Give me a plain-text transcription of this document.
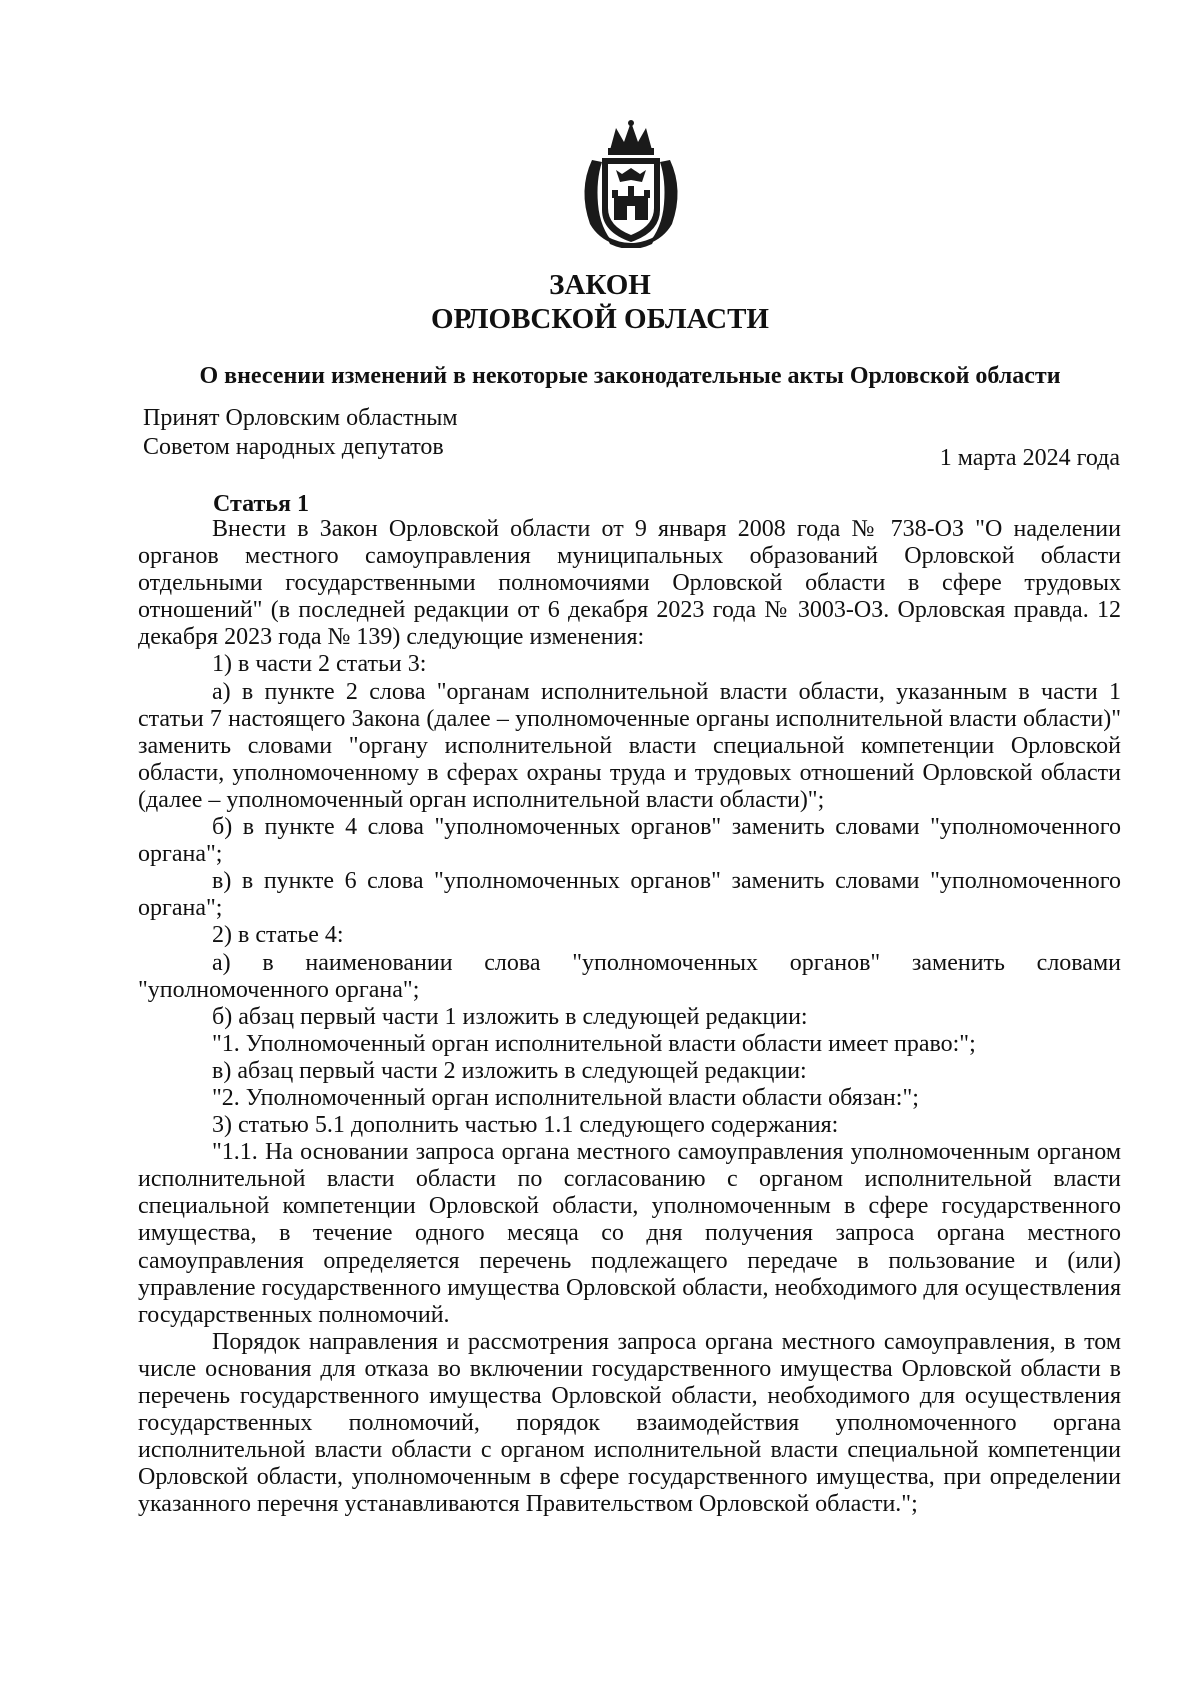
ЗАКОН
ОРЛОВСКОЙ ОБЛАСТИ
О внесении изменений в некоторые законодательные акты Орловской области
Принят Орловским областным
Советом народных депутатов	1 марта 2024 года
Статья 1

Внести в Закон Орловской области от 9 января 2008 года № 738-ОЗ "О наделении органов местного самоуправления муниципальных образований Орловской области отдельными государственными полномочиями Орловской области в сфере трудовых отношений" (в последней редакции от 6 декабря 2023 года № 3003-ОЗ. Орловская правда. 12 декабря 2023 года № 139) следующие изменения:

1) в части 2 статьи 3:

а) в пункте 2 слова "органам исполнительной власти области, указанным в части 1 статьи 7 настоящего Закона (далее – уполномоченные органы исполнительной власти области)" заменить словами "органу исполнительной власти специальной компетенции Орловской области, уполномоченному в сферах охраны труда и трудовых отношений Орловской области (далее – уполномоченный орган исполнительной власти области)";

б) в пункте 4 слова "уполномоченных органов" заменить словами "уполномоченного органа";

в) в пункте 6 слова "уполномоченных органов" заменить словами "уполномоченного органа";

2) в статье 4:

а) в наименовании слова "уполномоченных органов" заменить словами "уполномоченного органа";

б) абзац первый части 1 изложить в следующей редакции:

"1. Уполномоченный орган исполнительной власти области имеет право:";

в) абзац первый части 2 изложить в следующей редакции:

"2. Уполномоченный орган исполнительной власти области обязан:";

3) статью 5.1 дополнить частью 1.1 следующего содержания:

"1.1. На основании запроса органа местного самоуправления уполномоченным органом исполнительной власти области по согласованию с органом исполнительной власти специальной компетенции Орловской области, уполномоченным в сфере государственного имущества, в течение одного месяца со дня получения запроса органа местного самоуправления определяется перечень подлежащего передаче в пользование и (или) управление государственного имущества Орловской области, необходимого для осуществления государственных полномочий.

Порядок направления и рассмотрения запроса органа местного самоуправления, в том числе основания для отказа во включении государственного имущества Орловской области в перечень государственного имущества Орловской области, необходимого для осуществления государственных полномочий, порядок взаимодействия уполномоченного органа исполнительной власти области с органом исполнительной власти специальной компетенции Орловской области, уполномоченным в сфере государственного имущества, при определении указанного перечня устанавливаются Правительством Орловской области.";
